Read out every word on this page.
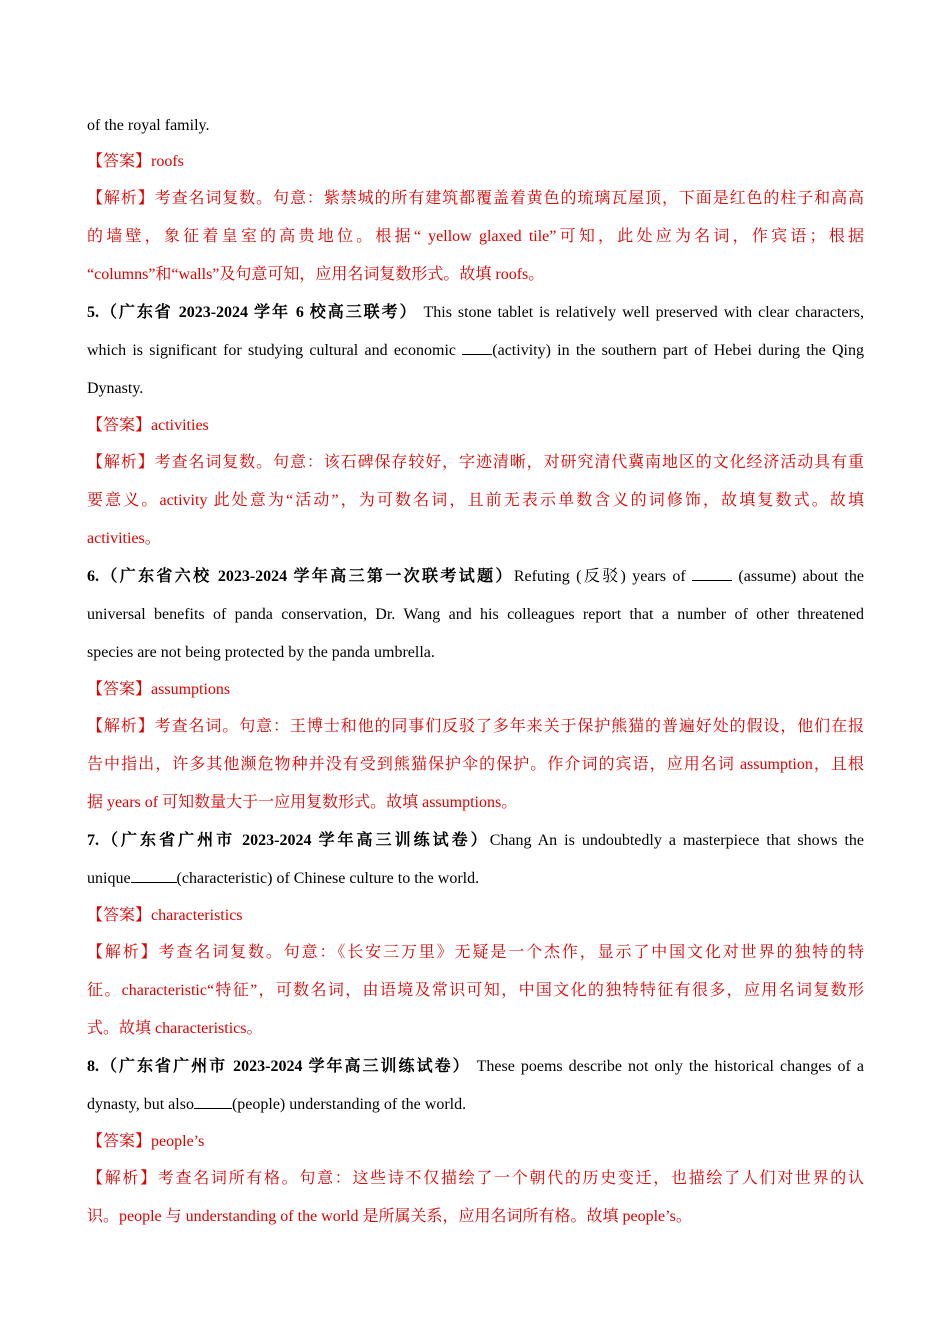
of the royal family.

【答案】roofs

【解析】考查名词复数。句意：紫禁城的所有建筑都覆盖着黄色的琉璃瓦屋顶，下面是红色的柱子和高高

的墙壁，象征着皇室的高贵地位。根据“ yellow glaxed tile”可知，此处应为名词，作宾语；根据

“columns”和“walls”及句意可知，应用名词复数形式。故填 roofs。

5.（广东省 2023-2024 学年 6 校高三联考） This stone tablet is relatively well preserved with clear characters,

which is significant for studying cultural and economic (activity) in the southern part of Hebei during the Qing

Dynasty.

【答案】activities

【解析】考查名词复数。句意：该石碑保存较好，字迹清晰，对研究清代冀南地区的文化经济活动具有重

要意义。activity 此处意为“活动”，为可数名词，且前无表示单数含义的词修饰，故填复数式。故填

activities。

6.（广东省六校 2023-2024 学年高三第一次联考试题）Refuting (反驳) years of	(assume) about the

universal benefits of panda conservation, Dr. Wang and his colleagues report that a number of other threatened

species are not being protected by the panda umbrella.

【答案】assumptions

【解析】考查名词。句意：王博士和他的同事们反驳了多年来关于保护熊猫的普遍好处的假设，他们在报

告中指出，许多其他濒危物种并没有受到熊猫保护伞的保护。作介词的宾语，应用名词 assumption，且根

据 years of 可知数量大于一应用复数形式。故填 assumptions。

7.（广东省广州市 2023-2024 学年高三训练试卷）Chang An is undoubtedly a masterpiece that shows the

unique	(characteristic) of Chinese culture to the world.

【答案】characteristics

【解析】考查名词复数。句意：《长安三万里》无疑是一个杰作，显示了中国文化对世界的独特的特

征。characteristic“特征”，可数名词，由语境及常识可知，中国文化的独特特征有很多，应用名词复数形

式。故填 characteristics。

8.（广东省广州市 2023-2024 学年高三训练试卷） These poems describe not only the historical changes of a

dynasty, but also (people) understanding of the world.

【答案】people’s

【解析】考查名词所有格。句意：这些诗不仅描绘了一个朝代的历史变迁，也描绘了人们对世界的认

识。people 与 understanding of the world 是所属关系，应用名词所有格。故填 people’s。
